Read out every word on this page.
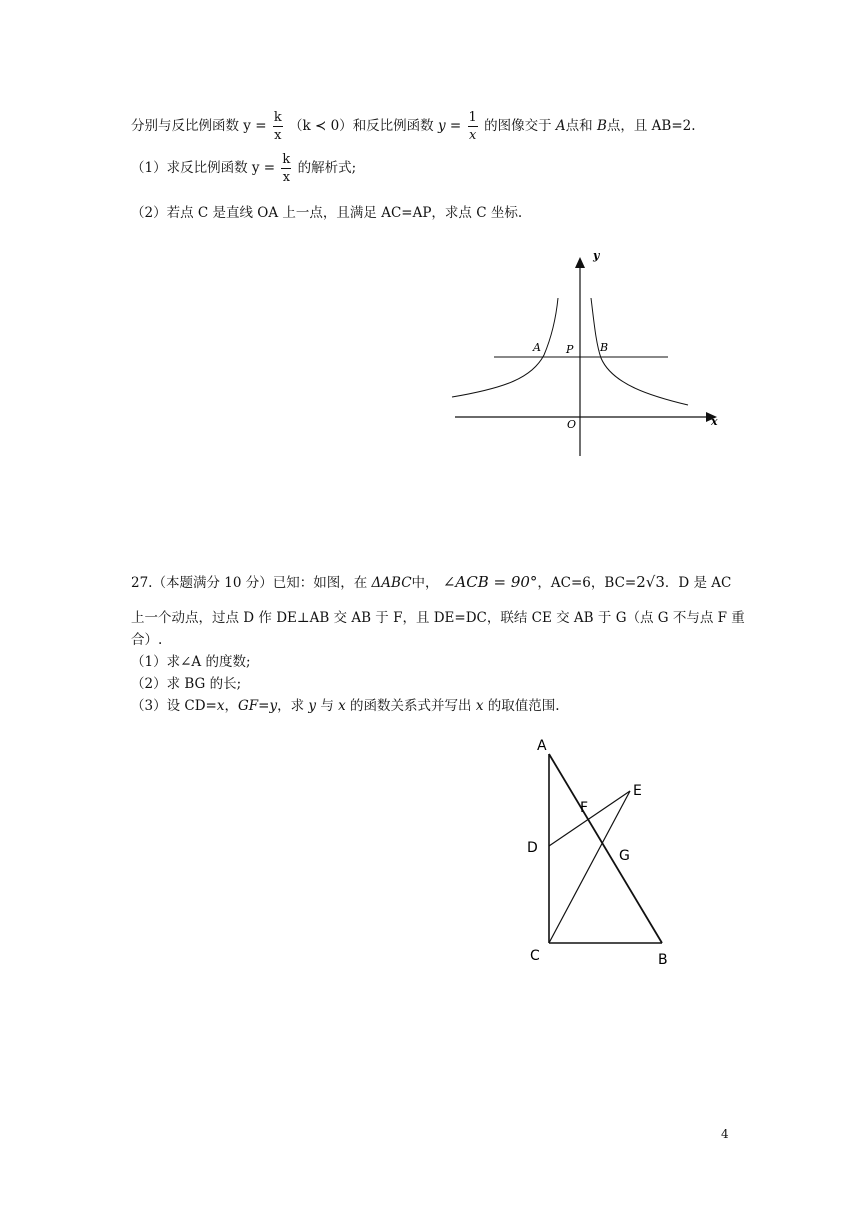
分别与反比例函数 $y = \frac{k}{x} (k$ ≺ 0）和反比例函数 $y = \frac{1}{x}$ 的图像交于 A点和 B点，且 AB=2.
（1）求反比例函数 $y = \frac{k}{x}$ 的解析式;
（2）若点 C 是直线 OA 上一点，且满足 AC=AP，求点 C 坐标.
y
x
O
A P B
27.（本题满分 10 分）已知：如图，在 ΔABC中， ∠ACB = 90°，AC=6，BC=2√3．D 是 AC
上一个动点，过点 D 作 DE⊥AB 交 AB 于 F，且 DE=DC，联结 CE 交 AB 于 G（点 G 不与点 F 重
合）.
（1）求∠A 的度数;
（2）求 BG 的长;
（3）设 CD=x，GF=y，求 y 与 x 的函数关系式并写出 x 的取值范围.
A
E
F
D	G
C	B
4
